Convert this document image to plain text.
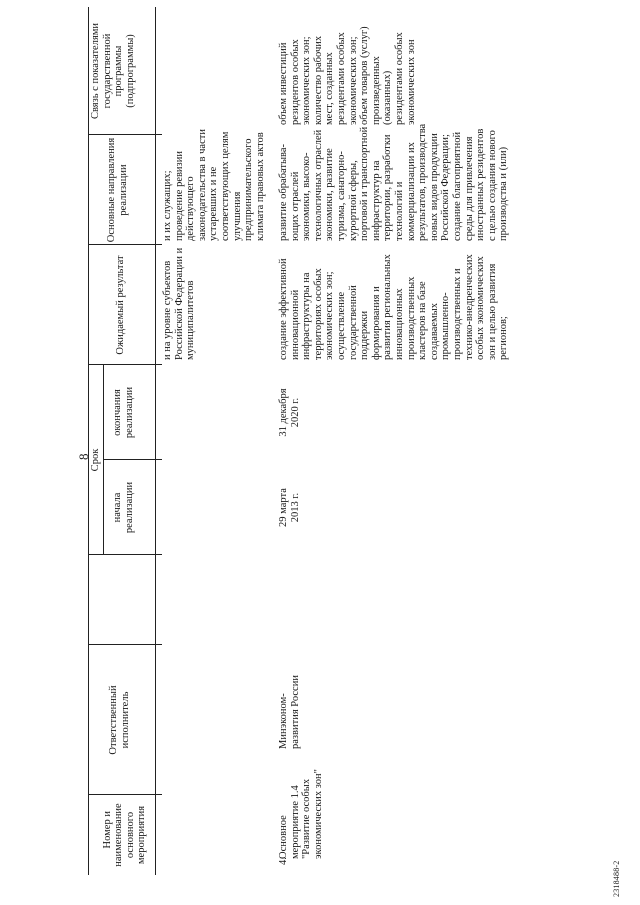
8

Номер и
наименование
основного
мероприятия
Ответственный
исполнитель
Срок
начала
реализации
окончания
реализации
Ожидаемый результат
Основные направления
реализации
Связь с показателями
государственной
программы
(подпрограммы)
и на уровне субъектов
Российской Федерации и
муниципалитетов
и их служащих;
проведение ревизии
действующего
законодательства в части
устаревших и не
соответствующих целям
улучшения
предпринимательского
климата правовых актов
4.
Основное
мероприятие 1.4
"Развитие особых
экономических зон"
Минэконом-
развития России
29 марта
2013 г.
31 декабря
2020 г.
создание эффективной
инновационной
инфраструктуры на
территориях особых
экономических зон;
осуществление
государственной
поддержки
формирования и
развития региональных
инновационных
производственных
кластеров на базе
создаваемых
промышленно-
производственных и
технико-внедренческих
особых экономических
зон и целью развития
регионов;
развитие обрабатыва-
ющих отраслей
экономики, высоко-
технологичных отраслей
экономики, развитие
туризма, санаторно-
курортной сферы,
портовой и транспортной
инфраструктур на
территории, разработки
технологий и
коммерциализации их
результатов, производства
новых видов продукции
Российской Федерации;
создание благоприятной
среды для привлечения
иностранных резидентов
с целью создания нового
производства и (или)
объем инвестиций
резидентов особых
экономических зон;
количество рабочих
мест, созданных
резидентами особых
экономических зон;
объем товаров (услуг)
произведенных
(оказанных)
резидентами особых
экономических зон
2318488-2
